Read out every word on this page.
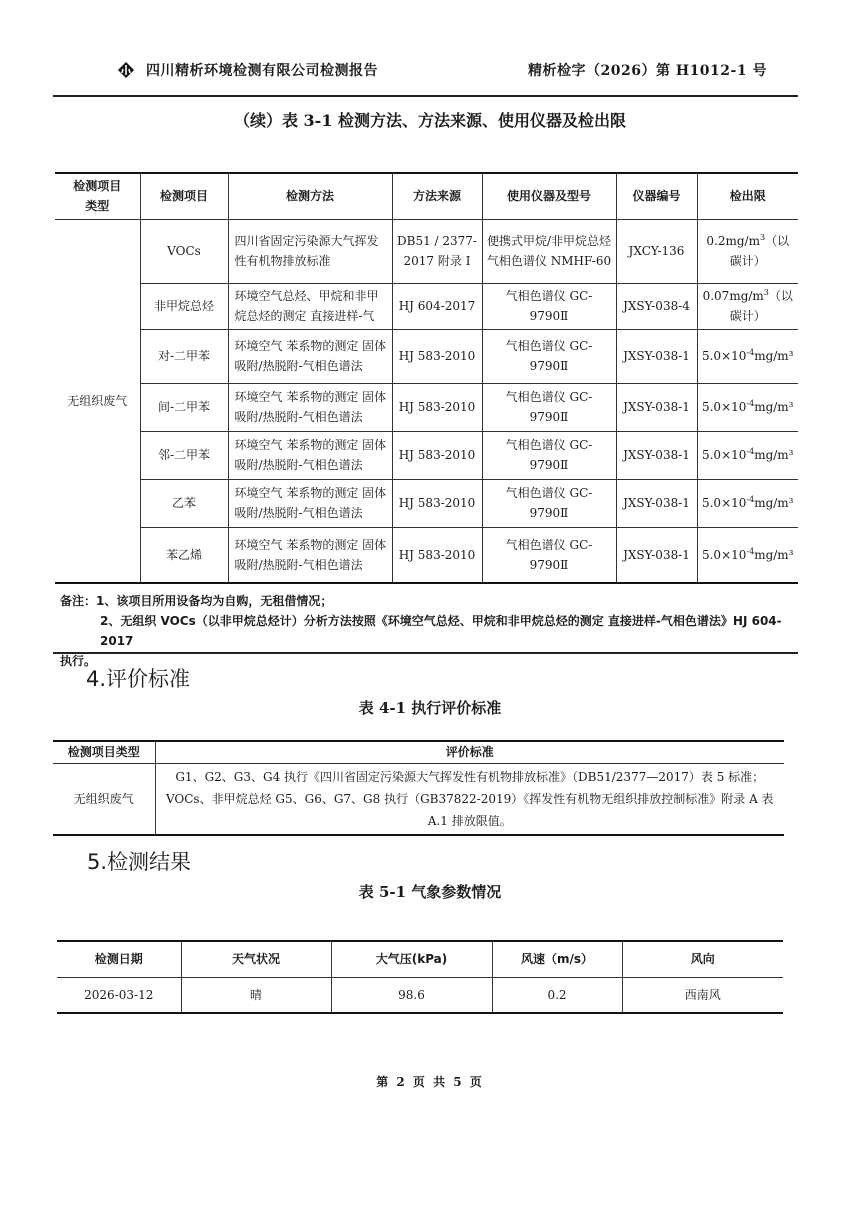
四川精析环境检测有限公司检测报告	精析检字（2026）第 H1012-1 号
（续）表 3-1 检测方法、方法来源、使用仪器及检出限
检测项目类型	检测项目	检测方法	方法来源	使用仪器及型号	仪器编号	检出限
无组织废气	VOCs	四川省固定污染源大气挥发性有机物排放标准	DB51 / 2377-2017 附录 I	便携式甲烷/非甲烷总烃气相色谱仪 NMHF-60	JXCY-136	$0.2mg/m^3$（以碳计）
	非甲烷总烃	环境空气总烃、甲烷和非甲烷总烃的测定 直接进样-气	HJ 604-2017	气相色谱仪 GC-9790Ⅱ	JXSY-038-4	$0.07mg/m^3$（以碳计）
	对-二甲苯	环境空气 苯系物的测定 固体吸附/热脱附-气相色谱法	HJ 583-2010	气相色谱仪 GC-9790Ⅱ	JXSY-038-1	$5.0\times 10^{-4}mg/m^3$
	间-二甲苯	环境空气 苯系物的测定 固体吸附/热脱附-气相色谱法	HJ 583-2010	气相色谱仪 GC-9790Ⅱ	JXSY-038-1	$5.0\times 10^{-4}mg/m^3$
	邻-二甲苯	环境空气 苯系物的测定 固体吸附/热脱附-气相色谱法	HJ 583-2010	气相色谱仪 GC-9790Ⅱ	JXSY-038-1	$5.0\times 10^{-4}mg/m^3$
	乙苯	环境空气 苯系物的测定 固体吸附/热脱附-气相色谱法	HJ 583-2010	气相色谱仪 GC-9790Ⅱ	JXSY-038-1	$5.0\times 10^{-4}mg/m^3$
	苯乙烯	环境空气 苯系物的测定 固体吸附/热脱附-气相色谱法	HJ 583-2010	气相色谱仪 GC-9790Ⅱ	JXSY-038-1	$5.0\times 10^{-4}mg/m^3$
备注：1、该项目所用设备均为自购，无租借情况；
2、无组织 VOCs（以非甲烷总烃计）分析方法按照《环境空气总烃、甲烷和非甲烷总烃的测定 直接进样-气相色谱法》HJ 604-2017
执行。
4.评价标准
表 4-1 执行评价标准
检测项目类型	评价标准
无组织废气	G1、G2、G3、G4 执行《四川省固定污染源大气挥发性有机物排放标准》（DB51/2377—2017）表 5 标准；
VOCs、非甲烷总烃 G5、G6、G7、G8 执行（GB37822-2019）《挥发性有机物无组织排放控制标准》附录 A 表 A.1 排放限值。
5.检测结果
表 5-1 气象参数情况
检测日期	天气状况	大气压(kPa)	风速（m/s）	风向
2026-03-12	晴	98.6	0.2	西南风
第 2 页 共 5 页
